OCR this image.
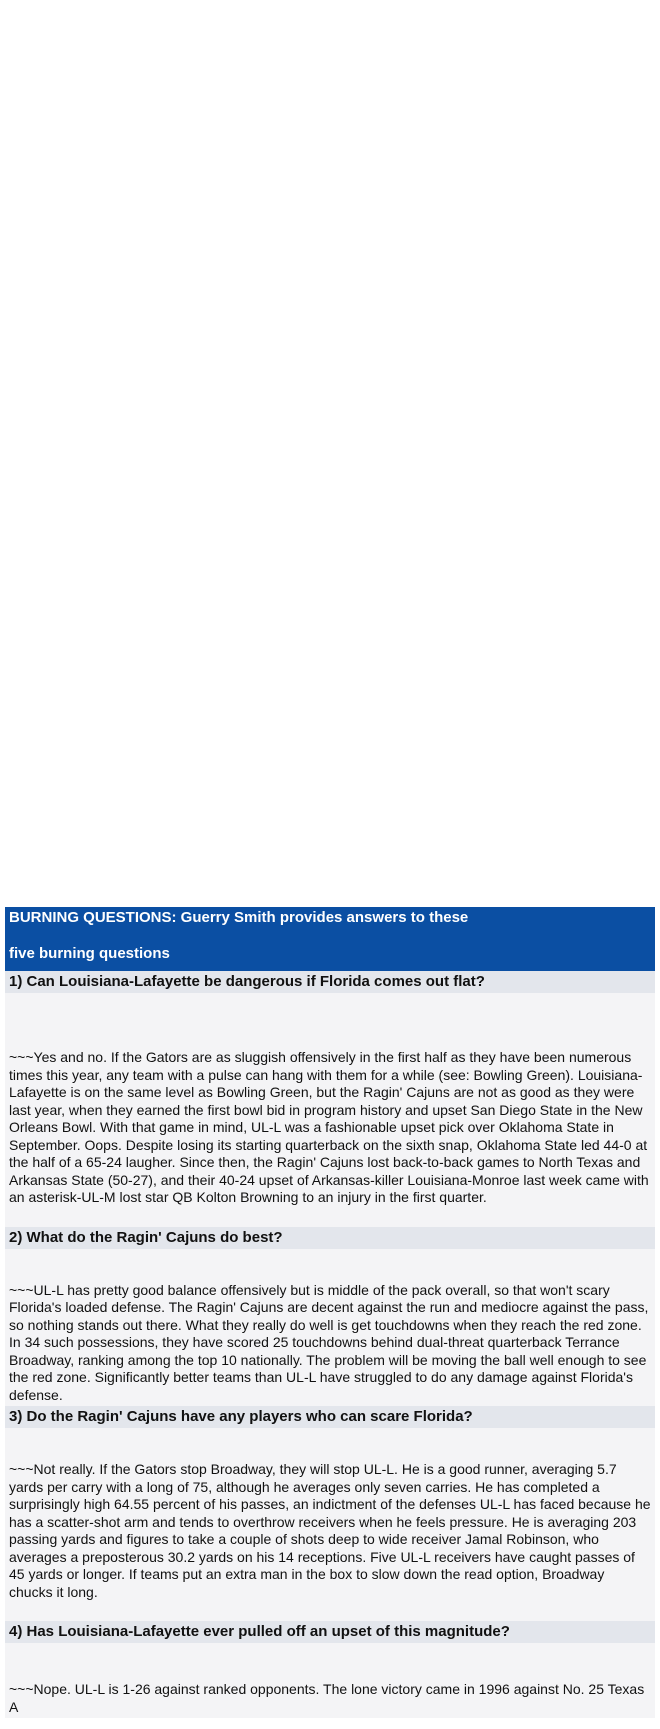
BURNING QUESTIONS: Guerry Smith provides answers to these
five burning questions
1) Can Louisiana-Lafayette be dangerous if Florida comes out flat?
~~~Yes and no. If the Gators are as sluggish offensively in the first half as they have been numerous times this year, any team with a pulse can hang with them for a while (see: Bowling Green). Louisiana-Lafayette is on the same level as Bowling Green, but the Ragin' Cajuns are not as good as they were last year, when they earned the first bowl bid in program history and upset San Diego State in the New Orleans Bowl. With that game in mind, UL-L was a fashionable upset pick over Oklahoma State in September. Oops. Despite losing its starting quarterback on the sixth snap, Oklahoma State led 44-0 at the half of a 65-24 laugher. Since then, the Ragin' Cajuns lost back-to-back games to North Texas and Arkansas State (50-27), and their 40-24 upset of Arkansas-killer Louisiana-Monroe last week came with an asterisk-UL-M lost star QB Kolton Browning to an injury in the first quarter.
2) What do the Ragin' Cajuns do best?
~~~UL-L has pretty good balance offensively but is middle of the pack overall, so that won't scary Florida's loaded defense. The Ragin' Cajuns are decent against the run and mediocre against the pass, so nothing stands out there. What they really do well is get touchdowns when they reach the red zone. In 34 such possessions, they have scored 25 touchdowns behind dual-threat quarterback Terrance Broadway, ranking among the top 10 nationally. The problem will be moving the ball well enough to see the red zone. Significantly better teams than UL-L have struggled to do any damage against Florida's defense.
3) Do the Ragin' Cajuns have any players who can scare Florida?
~~~Not really. If the Gators stop Broadway, they will stop UL-L. He is a good runner, averaging 5.7 yards per carry with a long of 75, although he averages only seven carries. He has completed a surprisingly high 64.55 percent of his passes, an indictment of the defenses UL-L has faced because he has a scatter-shot arm and tends to overthrow receivers when he feels pressure. He is averaging 203 passing yards and figures to take a couple of shots deep to wide receiver Jamal Robinson, who averages a preposterous 30.2 yards on his 14 receptions. Five UL-L receivers have caught passes of 45 yards or longer. If teams put an extra man in the box to slow down the read option, Broadway chucks it long.
4) Has Louisiana-Lafayette ever pulled off an upset of this magnitude?
~~~Nope. UL-L is 1-26 against ranked opponents. The lone victory came in 1996 against No. 25 Texas A
